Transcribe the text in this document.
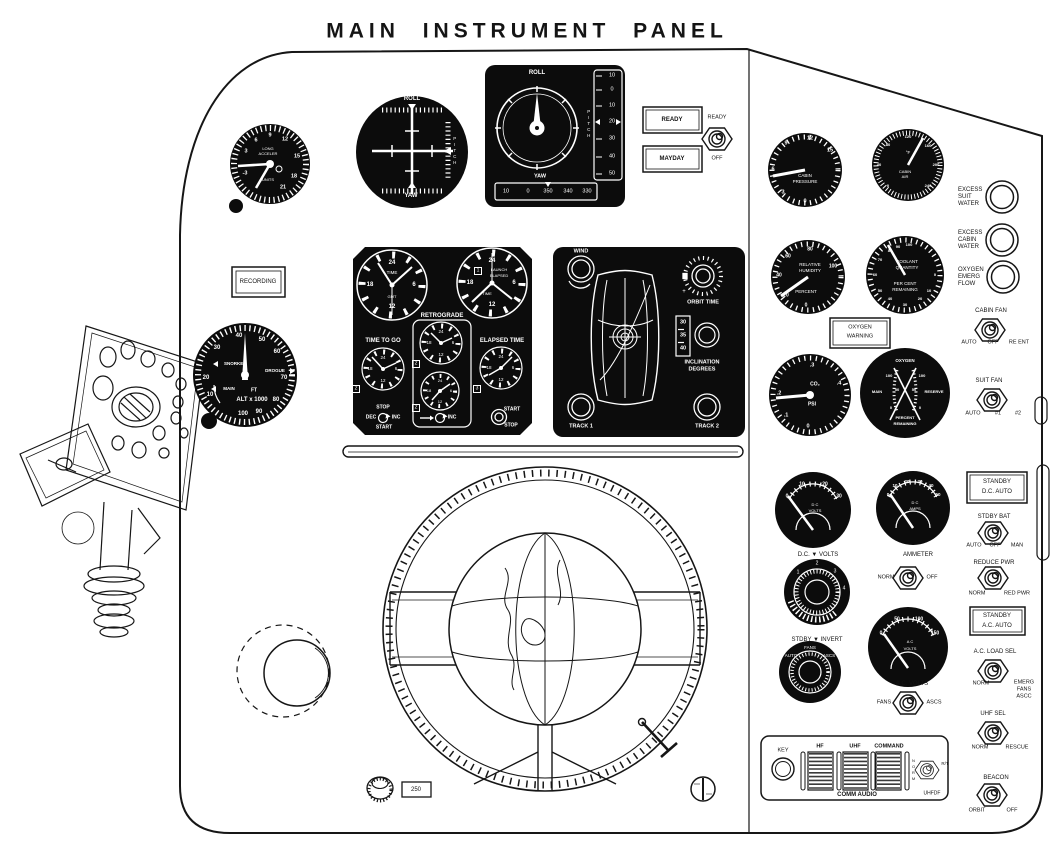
MAIN INSTRUMENT PANEL
9
12
15
18
21
-3
3
6
LONG
ACCELER
UNITS
ROLL
PITCH
YAW
ROLL
PITCH
10
0
10
20
30
40
50
YAW
10	0	350 340 330
READY
MAYDAY
READY
OFF
RECORDING
10
20
30
40
50
60
70
80
90
100
SNORKEL
DROGUE
MAIN	FT
ALT x 1000
24
6
12
18
TIME
GMT
24
6
12
18
1	LAUNCH
ELAPSED
TIME
TIME TO GO
24
6
12
18
2
RETROGRADE
24
6
12
18
2
24
6
12
18
2
ELAPSED TIME
24
6
12
18
3
STOP
DEC	INC
START
INC
START
STOP
WIND
+
ORBIT TIME
30
35
40
INCLINATION
DEGREES
TRACK 1	TRACK 2
0
3
6
9
12
15
CABIN
PRESSURE
0
40
80
120
160
200
240
°F
CABIN
AIR
0
20
40
60
80
100
RELATIVE
HUMIDITY
PERCENT
0
10
20
30
40
50
60
70
80
90 100
COOLANT
QUANTITY
PER CENT
REMAINING
0
.1
.2
.3
.4
CO₂
PSI
OXYGEN
MAIN	RESERVE
100
50
0
100
50
0
PERCENT
REMAINING
OXYGEN
WARNING
EXCESS
SUIT
WATER
EXCESS
CABIN
WATER
OXYGEN
EMERG
FLOW
CABIN FAN
AUTO OFF RE ENT
SUIT FAN
AUTO	#1	#2
0
10	20
30
D C
VOLTS
D.C. ▼ VOLTS
0
10
20 30
40
50
D C
AMPS
AMMETER
NORM	OFF
1
2
3
4
STDBY ▼ INVERT
AUTO
FANS
ASCS
0
50	100
150
A C
VOLTS
A.C. VOLTS
FANS	ASCS
STANDBY
D.C. AUTO
STDBY BAT
AUTO OFF MAN
REDUCE PWR
NORM	RED PWR
STANDBY
A.C. AUTO
A.C. LOAD SEL
NORM	EMERG
FANS
ASCC
UHF SEL
NORM	RESCUE
BEACON
ORBIT	OFF
KEY
HF	UHF COMMAND
COMM AUDIO
NORM	R/T
UHFDF
250
